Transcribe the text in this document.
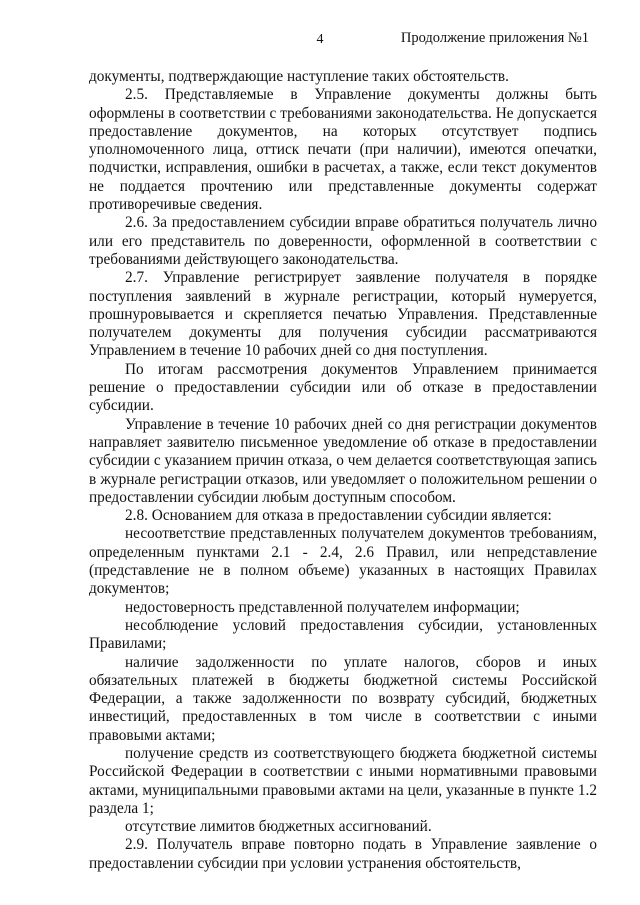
4	Продолжение приложения №1

документы, подтверждающие наступление таких обстоятельств.

2.5. Представляемые в Управление документы должны быть оформлены в соответствии с требованиями законодательства. Не допускается предоставление документов, на которых отсутствует подпись уполномоченного лица, оттиск печати (при наличии), имеются опечатки, подчистки, исправления, ошибки в расчетах, а также, если текст документов не поддается прочтению или представленные документы содержат противоречивые сведения.

2.6. За предоставлением субсидии вправе обратиться получатель лично или его представитель по доверенности, оформленной в соответствии с требованиями действующего законодательства.

2.7. Управление регистрирует заявление получателя в порядке поступления заявлений в журнале регистрации, который нумеруется, прошнуровывается и скрепляется печатью Управления. Представленные получателем документы для получения субсидии рассматриваются Управлением в течение 10 рабочих дней со дня поступления.

По итогам рассмотрения документов Управлением принимается решение о предоставлении субсидии или об отказе в предоставлении субсидии.

Управление в течение 10 рабочих дней со дня регистрации документов направляет заявителю письменное уведомление об отказе в предоставлении субсидии с указанием причин отказа, о чем делается соответствующая запись в журнале регистрации отказов, или уведомляет о положительном решении о предоставлении субсидии любым доступным способом.

2.8. Основанием для отказа в предоставлении субсидии является:

несоответствие представленных получателем документов требованиям, определенным пунктами 2.1 - 2.4, 2.6 Правил, или непредставление (представление не в полном объеме) указанных в настоящих Правилах документов;

недостоверность представленной получателем информации;

несоблюдение условий предоставления субсидии, установленных Правилами;

наличие задолженности по уплате налогов, сборов и иных обязательных платежей в бюджеты бюджетной системы Российской Федерации, а также задолженности по возврату субсидий, бюджетных инвестиций, предоставленных в том числе в соответствии с иными правовыми актами;

получение средств из соответствующего бюджета бюджетной системы Российской Федерации в соответствии с иными нормативными правовыми актами, муниципальными правовыми актами на цели, указанные в пункте 1.2 раздела 1;

отсутствие лимитов бюджетных ассигнований.

2.9. Получатель вправе повторно подать в Управление заявление о предоставлении субсидии при условии устранения обстоятельств,
